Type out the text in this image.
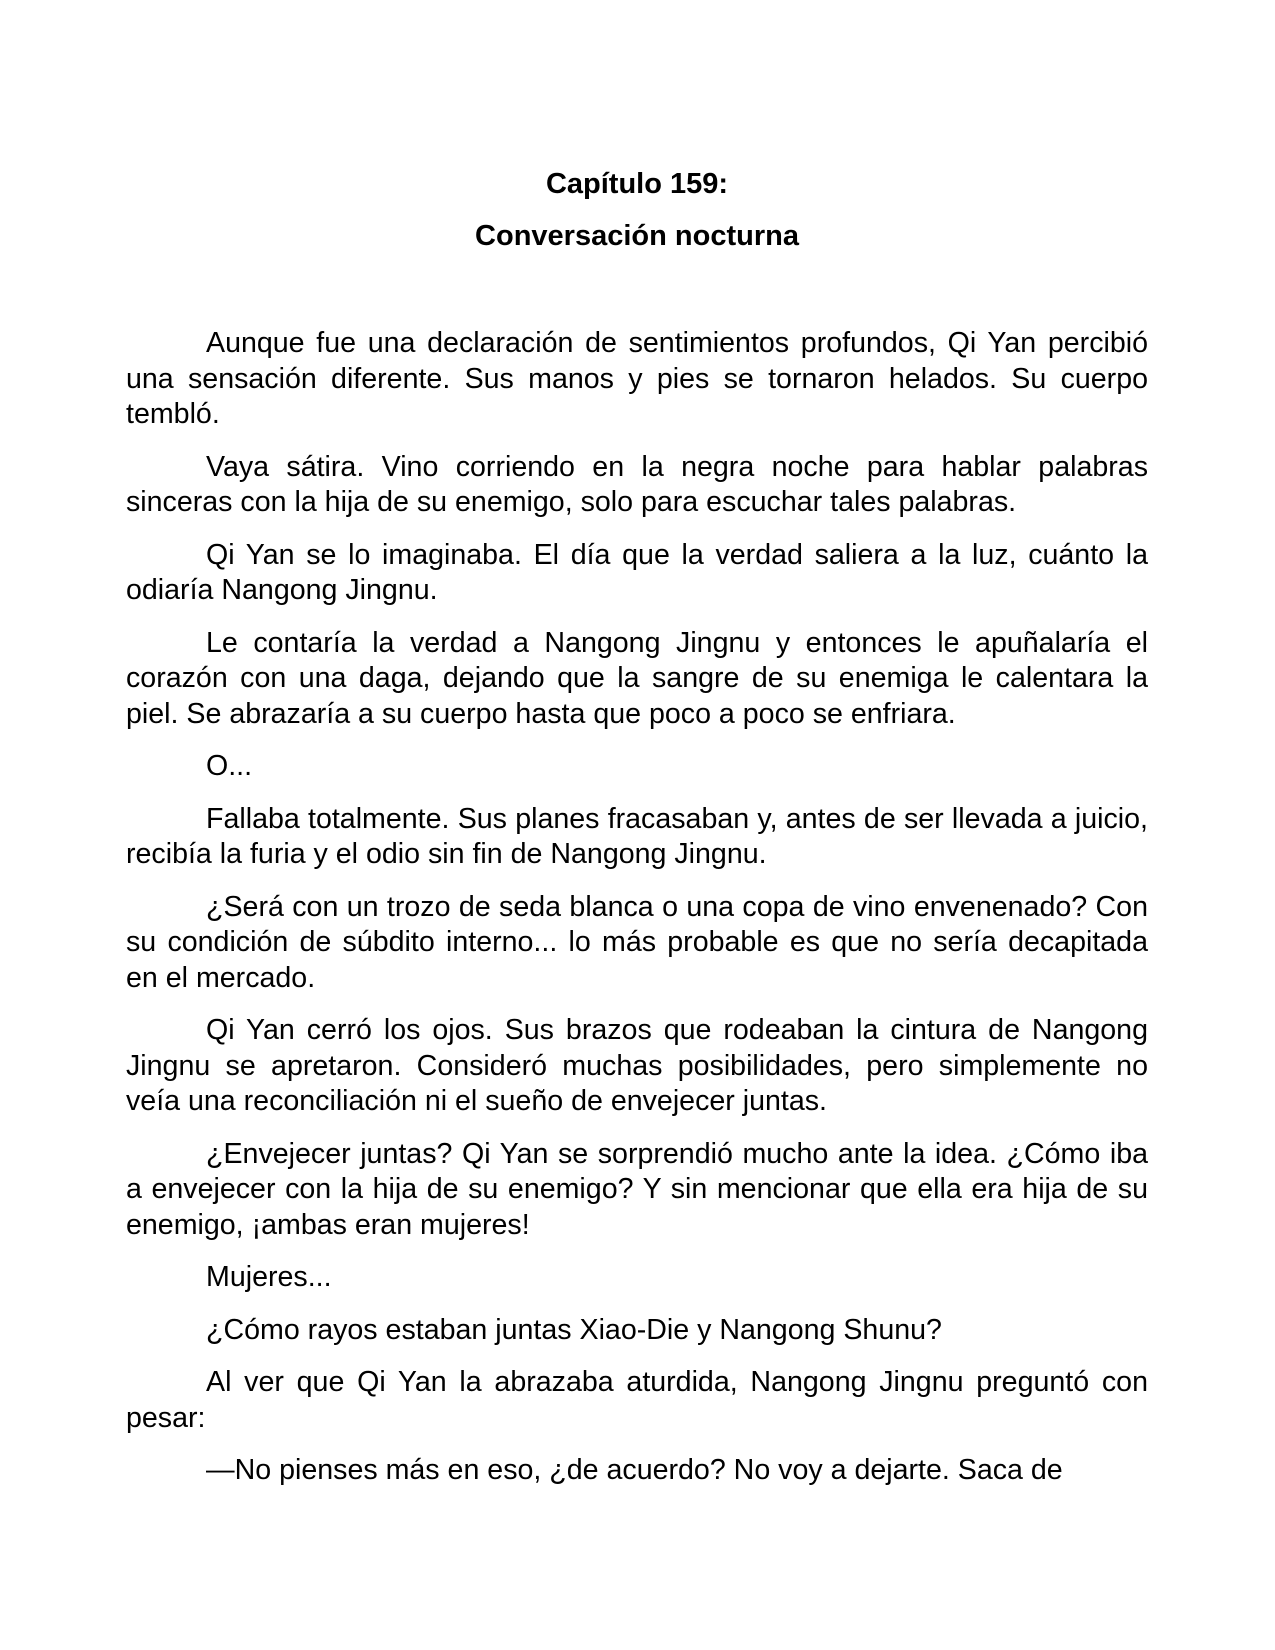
Capítulo 159:

Conversación nocturna

Aunque fue una declaración de sentimientos profundos, Qi Yan percibió una sensación diferente. Sus manos y pies se tornaron helados. Su cuerpo tembló.

Vaya sátira. Vino corriendo en la negra noche para hablar palabras sinceras con la hija de su enemigo, solo para escuchar tales palabras.

Qi Yan se lo imaginaba. El día que la verdad saliera a la luz, cuánto la odiaría Nangong Jingnu.

Le contaría la verdad a Nangong Jingnu y entonces le apuñalaría el corazón con una daga, dejando que la sangre de su enemiga le calentara la piel. Se abrazaría a su cuerpo hasta que poco a poco se enfriara.

O...

Fallaba totalmente. Sus planes fracasaban y, antes de ser llevada a juicio, recibía la furia y el odio sin fin de Nangong Jingnu.

¿Será con un trozo de seda blanca o una copa de vino envenenado? Con su condición de súbdito interno... lo más probable es que no sería decapitada en el mercado.

Qi Yan cerró los ojos. Sus brazos que rodeaban la cintura de Nangong Jingnu se apretaron. Consideró muchas posibilidades, pero simplemente no veía una reconciliación ni el sueño de envejecer juntas.

¿Envejecer juntas? Qi Yan se sorprendió mucho ante la idea. ¿Cómo iba a envejecer con la hija de su enemigo? Y sin mencionar que ella era hija de su enemigo, ¡ambas eran mujeres!

Mujeres...

¿Cómo rayos estaban juntas Xiao-Die y Nangong Shunu?

Al ver que Qi Yan la abrazaba aturdida, Nangong Jingnu preguntó con pesar:

—No pienses más en eso, ¿de acuerdo? No voy a dejarte. Saca de
